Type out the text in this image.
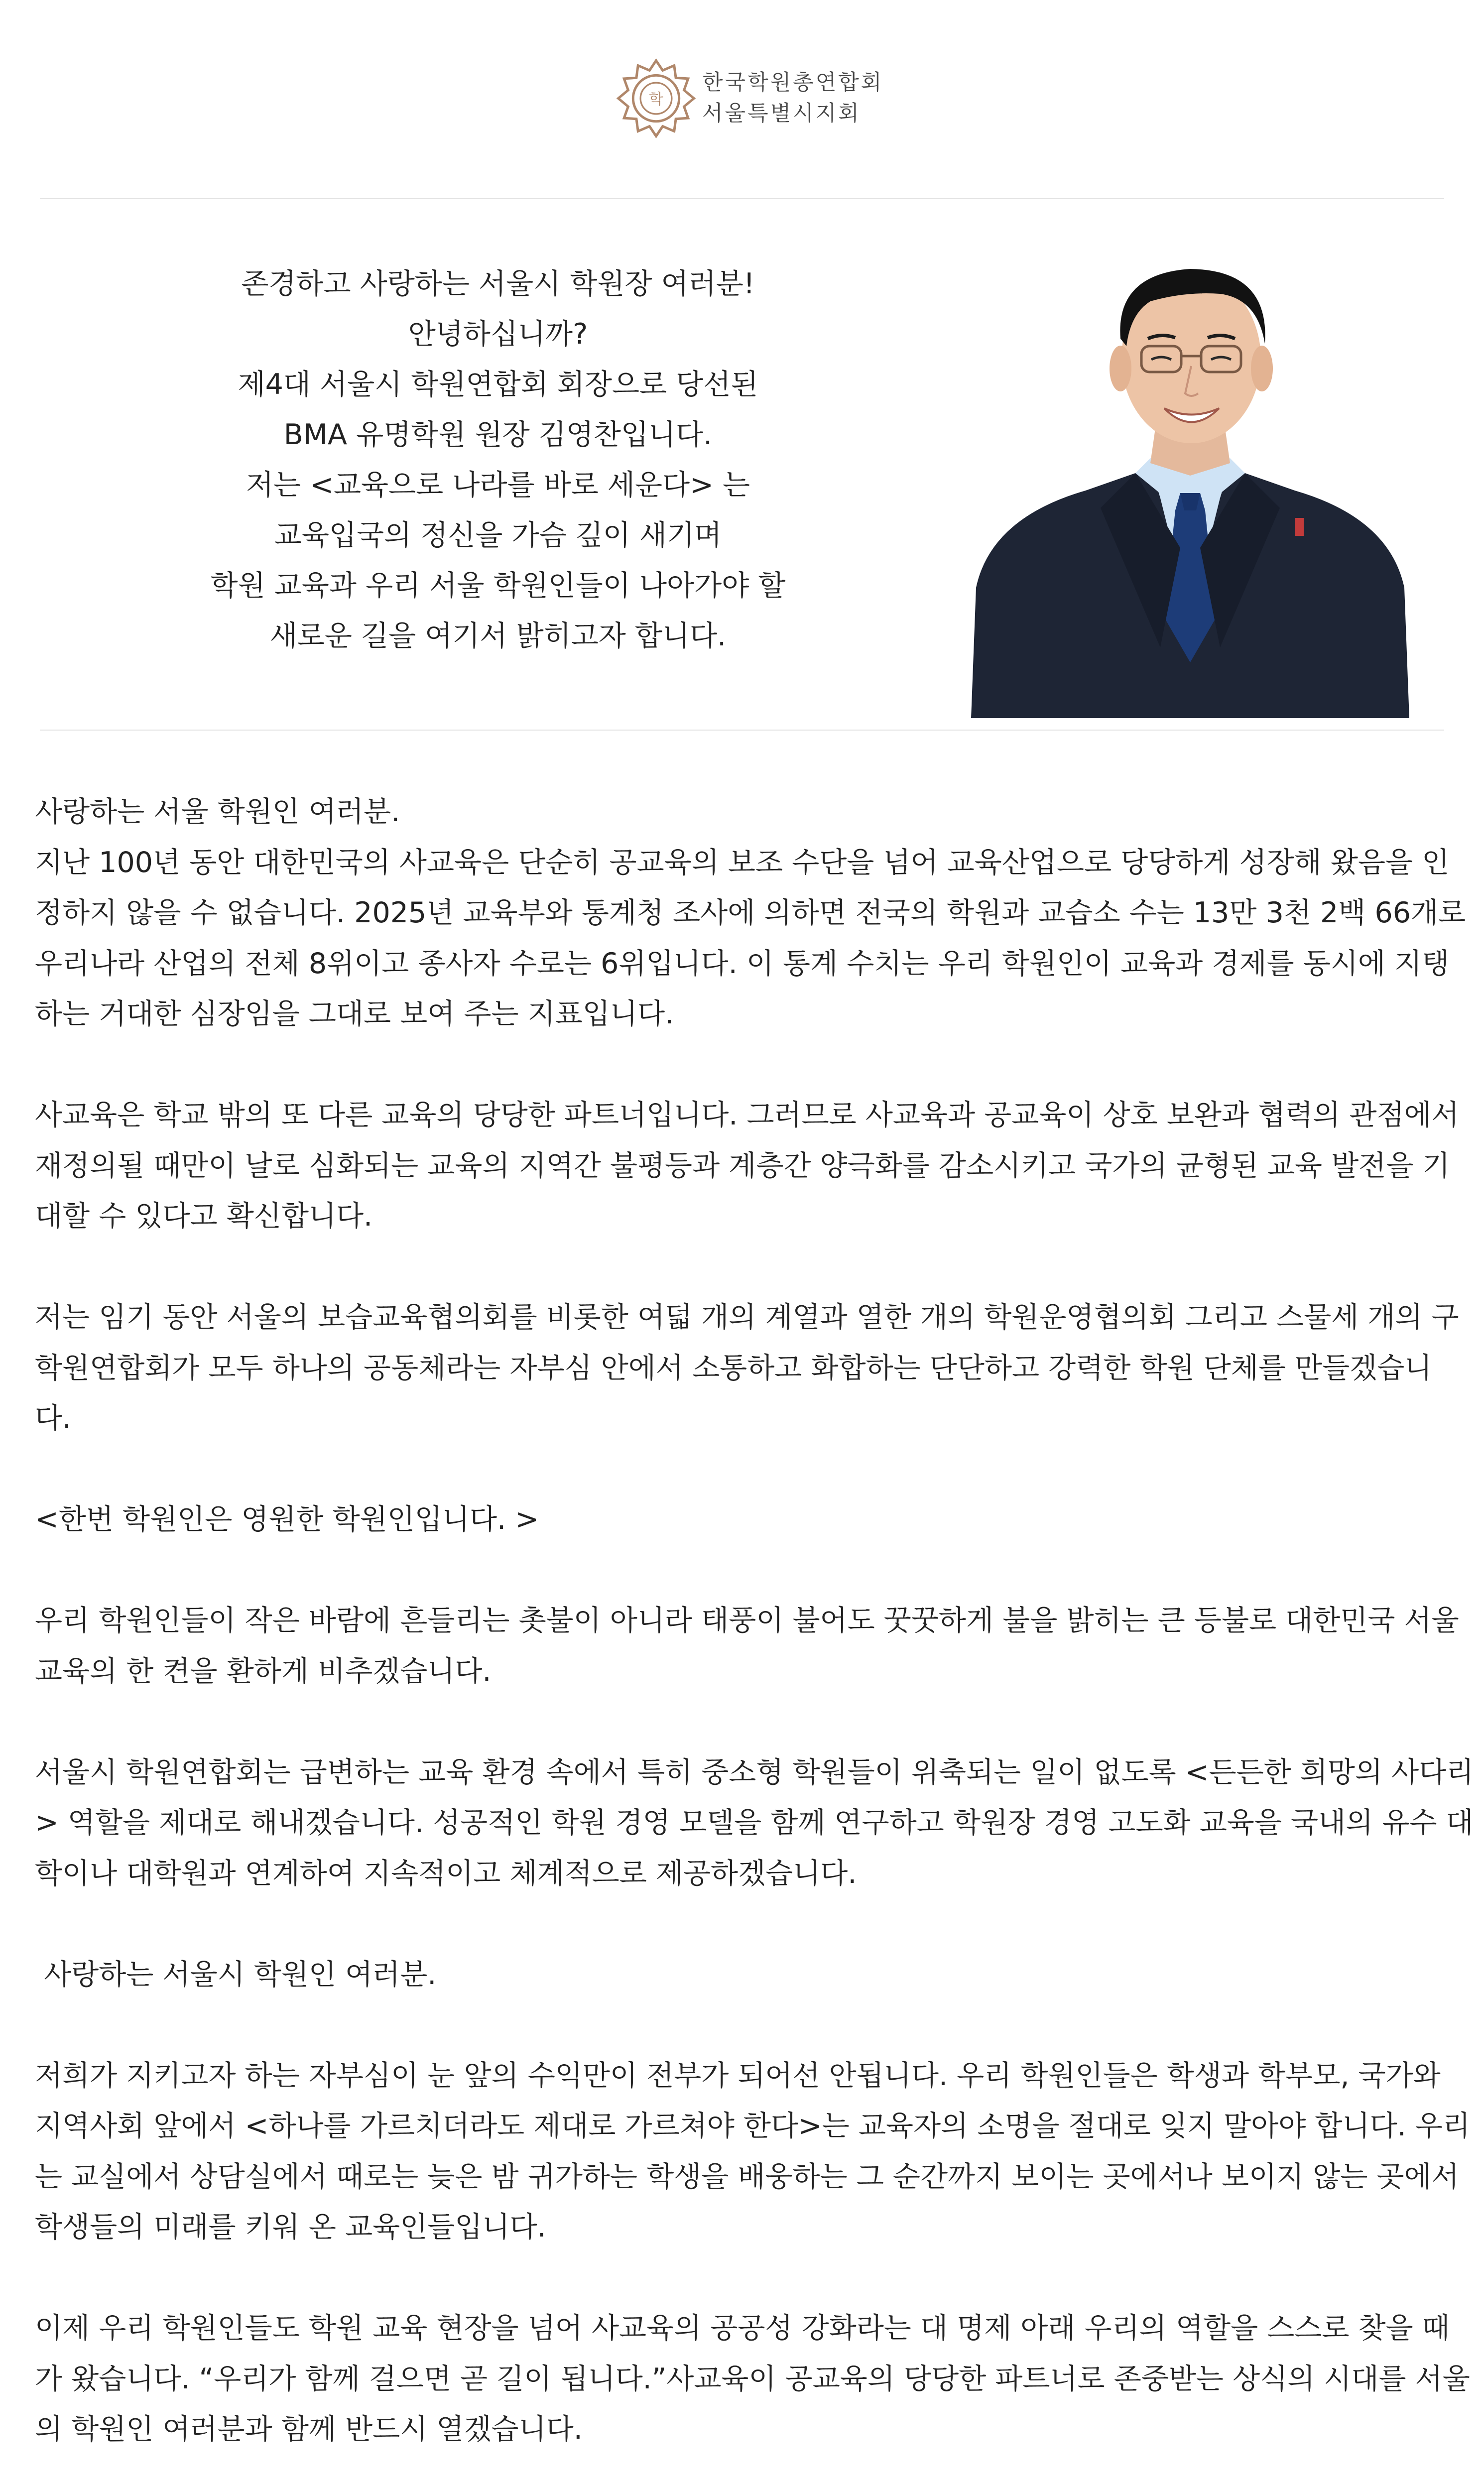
학
한국학원총연합회
서울특별시지회
존경하고 사랑하는 서울시 학원장 여러분!
안녕하십니까?
제4대 서울시 학원연합회 회장으로 당선된
BMA 유명학원 원장 김영찬입니다.
저는 <교육으로 나라를 바로 세운다> 는
교육입국의 정신을 가슴 깊이 새기며
학원 교육과 우리 서울 학원인들이 나아가야 할
새로운 길을 여기서 밝히고자 합니다.

사랑하는 서울 학원인 여러분.

지난 100년 동안 대한민국의 사교육은 단순히 공교육의 보조 수단을 넘어 교육산업으로 당당하게 성장해 왔음을 인

정하지 않을 수 없습니다. 2025년 교육부와 통계청 조사에 의하면 전국의 학원과 교습소 수는 13만 3천 2백 66개로

우리나라 산업의 전체 8위이고 종사자 수로는 6위입니다. 이 통계 수치는 우리 학원인이 교육과 경제를 동시에 지탱

하는 거대한 심장임을 그대로 보여 주는 지표입니다.

사교육은 학교 밖의 또 다른 교육의 당당한 파트너입니다. 그러므로 사교육과 공교육이 상호 보완과 협력의 관점에서

재정의될 때만이 날로 심화되는 교육의 지역간 불평등과 계층간 양극화를 감소시키고 국가의 균형된 교육 발전을 기

대할 수 있다고 확신합니다.

저는 임기 동안 서울의 보습교육협의회를 비롯한 여덟 개의 계열과 열한 개의 학원운영협의회 그리고 스물세 개의 구

학원연합회가 모두 하나의 공동체라는 자부심 안에서 소통하고 화합하는 단단하고 강력한 학원 단체를 만들겠습니

다.

<한번 학원인은 영원한 학원인입니다. >

우리 학원인들이 작은 바람에 흔들리는 촛불이 아니라 태풍이 불어도 꿋꿋하게 불을 밝히는 큰 등불로 대한민국 서울

교육의 한 켠을 환하게 비추겠습니다.

서울시 학원연합회는 급변하는 교육 환경 속에서 특히 중소형 학원들이 위축되는 일이 없도록 <든든한 희망의 사다리

> 역할을 제대로 해내겠습니다. 성공적인 학원 경영 모델을 함께 연구하고 학원장 경영 고도화 교육을 국내의 유수 대

학이나 대학원과 연계하여 지속적이고 체계적으로 제공하겠습니다.

사랑하는 서울시 학원인 여러분.

저희가 지키고자 하는 자부심이 눈 앞의 수익만이 전부가 되어선 안됩니다. 우리 학원인들은 학생과 학부모, 국가와

지역사회 앞에서 <하나를 가르치더라도 제대로 가르쳐야 한다>는 교육자의 소명을 절대로 잊지 말아야 합니다. 우리

는 교실에서 상담실에서 때로는 늦은 밤 귀가하는 학생을 배웅하는 그 순간까지 보이는 곳에서나 보이지 않는 곳에서

학생들의 미래를 키워 온 교육인들입니다.

이제 우리 학원인들도 학원 교육 현장을 넘어 사교육의 공공성 강화라는 대 명제 아래 우리의 역할을 스스로 찾을 때

가 왔습니다. “우리가 함께 걸으면 곧 길이 됩니다.”사교육이 공교육의 당당한 파트너로 존중받는 상식의 시대를 서울

의 학원인 여러분과 함께 반드시 열겠습니다.
